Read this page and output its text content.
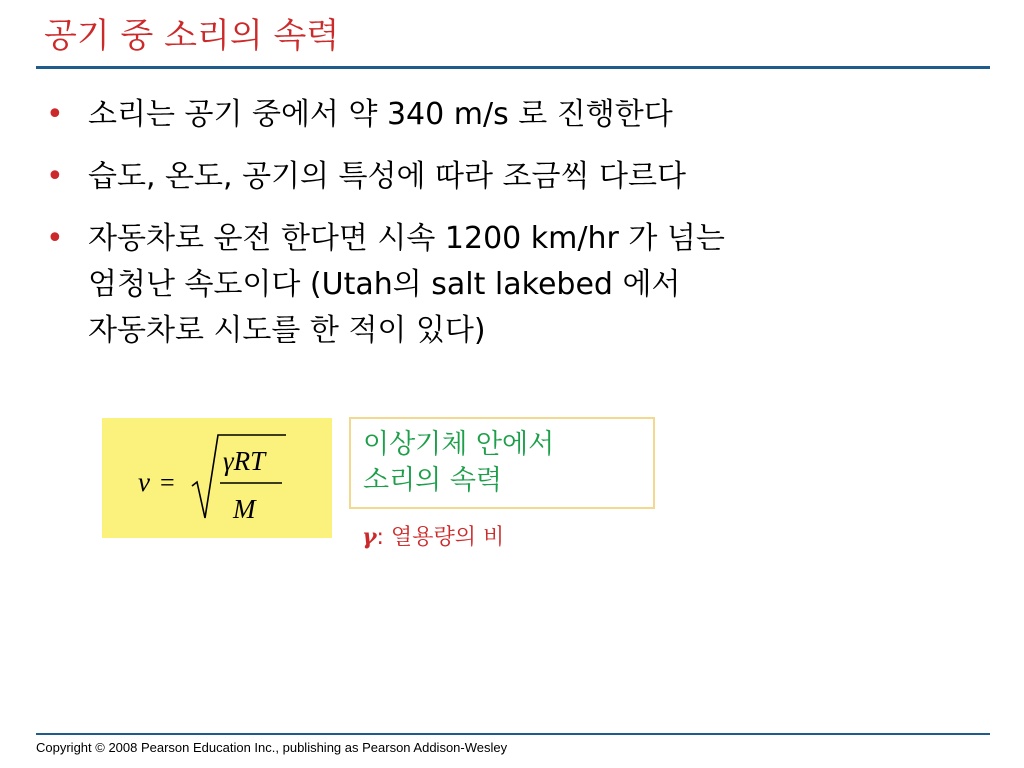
공기 중 소리의 속력
• 소리는 공기 중에서 약 340 m/s 로 진행한다
• 습도, 온도, 공기의 특성에 따라 조금씩 다르다
• 자동차로 운전 한다면 시속 1200 km/hr 가 넘는
엄청난 속도이다 (Utah의 salt lakebed 에서
자동차로 시도를 한 적이 있다)
v =
γRT
M
이상기체 안에서
소리의 속력
γ: 열용량의 비
Copyright © 2008 Pearson Education Inc., publishing as Pearson Addison-Wesley
